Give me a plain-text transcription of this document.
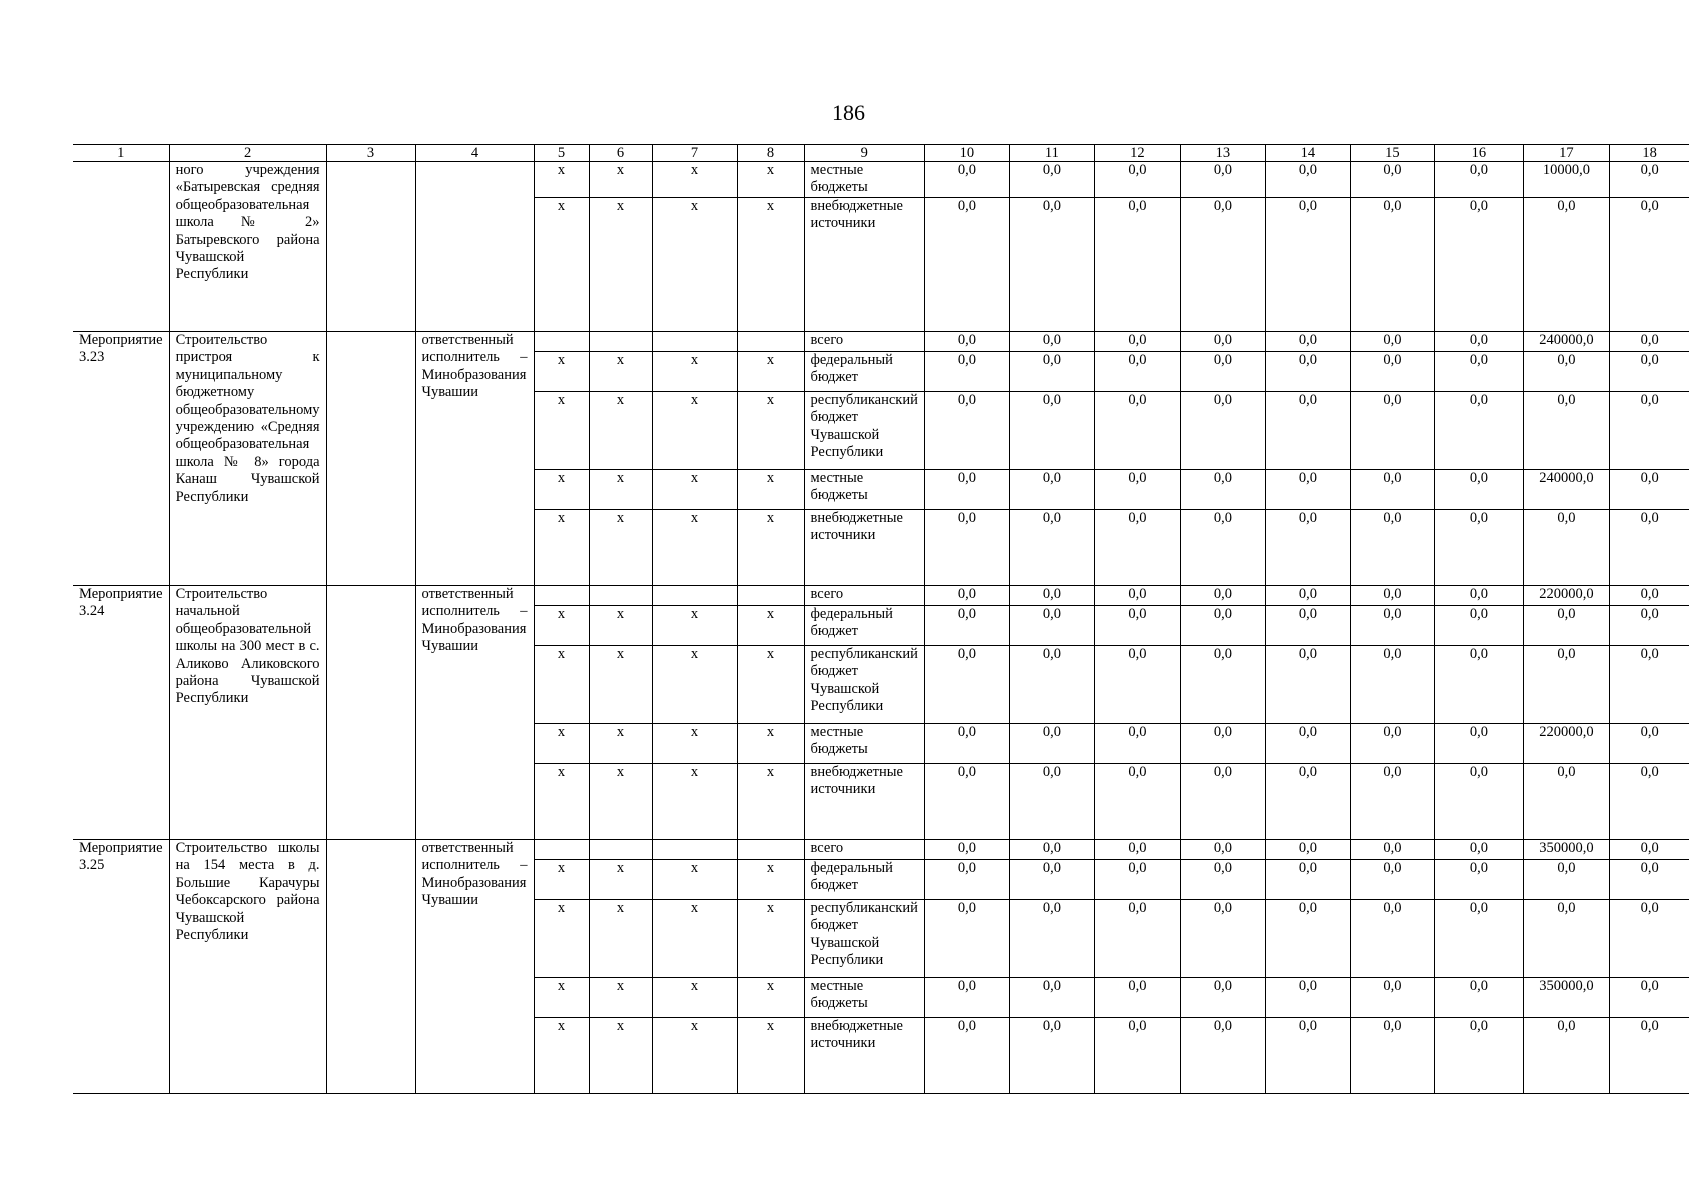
186
1	2	3	4	5	6	7	8	9	10	11	12	13	14	15	16	17	18
	ного учреждения «Батыревская средняя общеобразовательная школа № 2» Батыревского района Чувашской Республики			x	x	x	x	местные бюджеты	0,0	0,0	0,0	0,0	0,0	0,0	0,0	10000,0	0,0
				x	x	x	x	внебюджетные источники	0,0	0,0	0,0	0,0	0,0	0,0	0,0	0,0	0,0
Мероприятие 3.23	Строительство пристроя к муниципальному бюджетному общеобразовательному учреждению «Средняя общеобразовательная школа № 8» города Канаш Чувашской Республики		ответственный исполнитель – Минобразования Чувашии					всего	0,0	0,0	0,0	0,0	0,0	0,0	0,0	240000,0	0,0
				x	x	x	x	федеральный бюджет	0,0	0,0	0,0	0,0	0,0	0,0	0,0	0,0	0,0
				x	x	x	x	республиканский бюджет Чувашской Республики	0,0	0,0	0,0	0,0	0,0	0,0	0,0	0,0	0,0
				x	x	x	x	местные бюджеты	0,0	0,0	0,0	0,0	0,0	0,0	0,0	240000,0	0,0
				x	x	x	x	внебюджетные источники	0,0	0,0	0,0	0,0	0,0	0,0	0,0	0,0	0,0
Мероприятие 3.24	Строительство начальной общеобразовательной школы на 300 мест в с. Аликово Аликовского района Чувашской Республики		ответственный исполнитель – Минобразования Чувашии					всего	0,0	0,0	0,0	0,0	0,0	0,0	0,0	220000,0	0,0
				x	x	x	x	федеральный бюджет	0,0	0,0	0,0	0,0	0,0	0,0	0,0	0,0	0,0
				x	x	x	x	республиканский бюджет Чувашской Республики	0,0	0,0	0,0	0,0	0,0	0,0	0,0	0,0	0,0
				x	x	x	x	местные бюджеты	0,0	0,0	0,0	0,0	0,0	0,0	0,0	220000,0	0,0
				x	x	x	x	внебюджетные источники	0,0	0,0	0,0	0,0	0,0	0,0	0,0	0,0	0,0
Мероприятие 3.25	Строительство школы на 154 места в д. Большие Карачуры Чебоксарского района Чувашской Республики		ответственный исполнитель – Минобразования Чувашии					всего	0,0	0,0	0,0	0,0	0,0	0,0	0,0	350000,0	0,0
				x	x	x	x	федеральный бюджет	0,0	0,0	0,0	0,0	0,0	0,0	0,0	0,0	0,0
				x	x	x	x	республиканский бюджет Чувашской Республики	0,0	0,0	0,0	0,0	0,0	0,0	0,0	0,0	0,0
				x	x	x	x	местные бюджеты	0,0	0,0	0,0	0,0	0,0	0,0	0,0	350000,0	0,0
				x	x	x	x	внебюджетные источники	0,0	0,0	0,0	0,0	0,0	0,0	0,0	0,0	0,0
